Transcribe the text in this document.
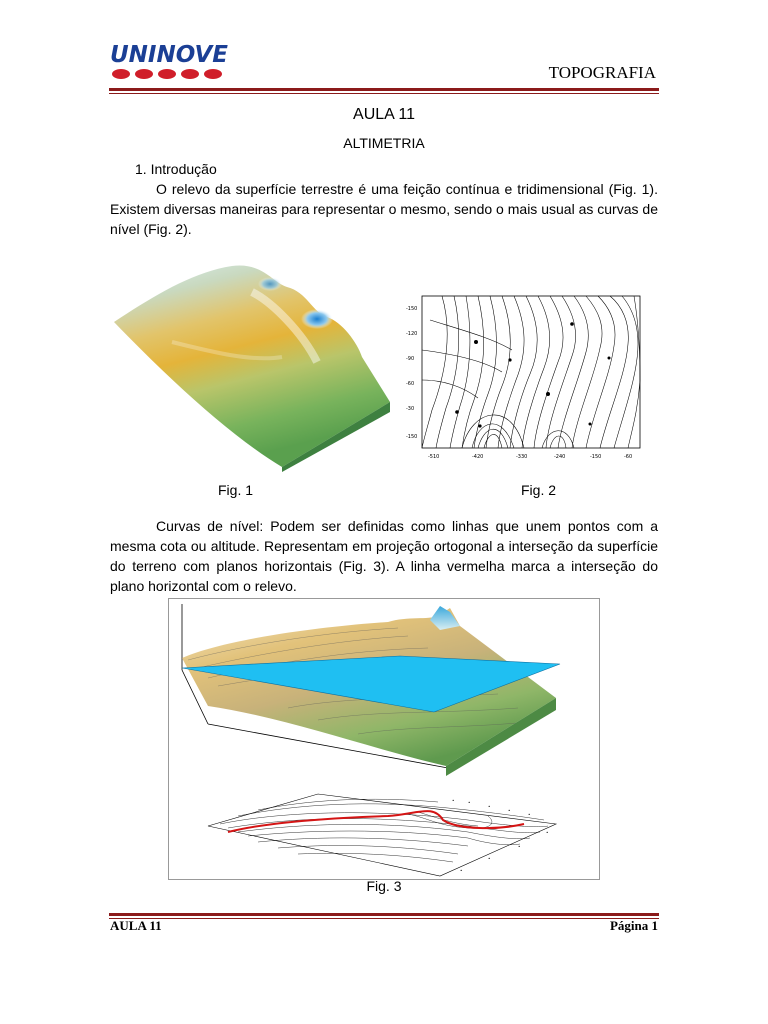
UNINOVE
TOPOGRAFIA
AULA 11
ALTIMETRIA
1. Introdução
O relevo da superfície terrestre é uma feição contínua e tridimensional (Fig. 1). Existem diversas maneiras para representar o mesmo, sendo o mais usual as curvas de nível (Fig. 2).
-150
-120
-90
-60
-30
-150
-510	-420	-330	-240	-150	-60
Fig. 1	Fig. 2
Curvas de nível: Podem ser definidas como linhas que unem pontos com a mesma cota ou altitude. Representam em projeção ortogonal a interseção da superfície do terreno com planos horizontais (Fig. 3). A linha vermelha marca a interseção do plano horizontal com o relevo.
•	•
•
•
•
•
•
•
•
Fig. 3
AULA 11	Página 1
